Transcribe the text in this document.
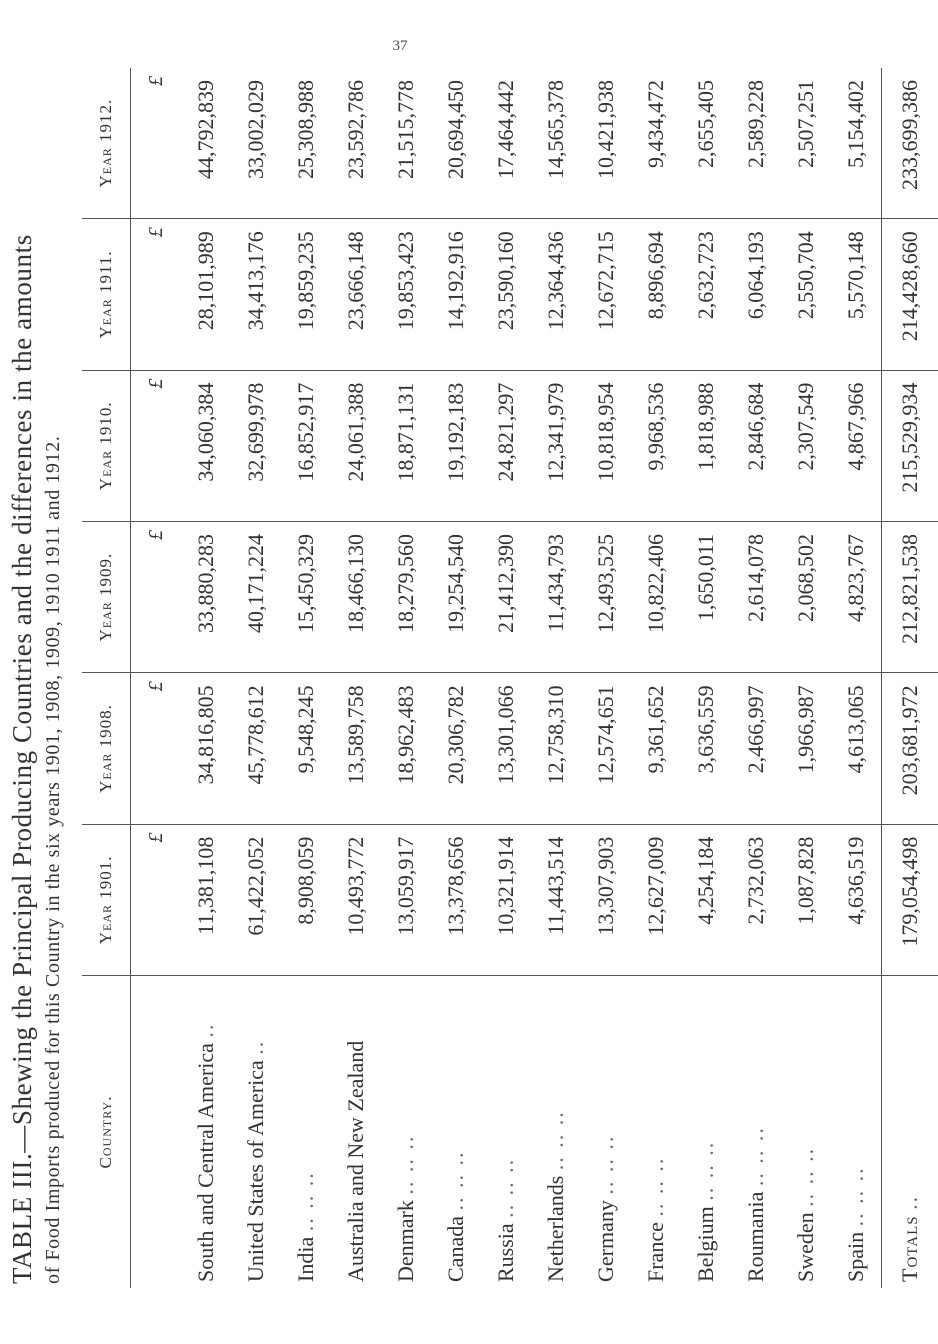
37
TABLE III.—Shewing the Principal Producing Countries and the differences in the amounts of Food Imports produced for this Country in the six years 1901, 1908, 1909, 1910 1911 and 1912. Country.	Year 1901.	Year 1908.	Year 1909.	Year 1910.	Year 1911.	Year 1912.
	£	£	£	£	£	£
South and Central America ..	11,381,108	34,816,805	33,880,283	34,060,384	28,101,989	44,792,839
United States of America ..	61,422,052	45,778,612	40,171,224	32,699,978	34,413,176	33,002,029
India .. .. ..	8,908,059	9,548,245	15,450,329	16,852,917	19,859,235	25,308,988
Australia and New Zealand	10,493,772	13,589,758	18,466,130	24,061,388	23,666,148	23,592,786
Denmark .. .. ..	13,059,917	18,962,483	18,279,560	18,871,131	19,853,423	21,515,778
Canada .. .. ..	13,378,656	20,306,782	19,254,540	19,192,183	14,192,916	20,694,450
Russia .. .. ..	10,321,914	13,301,066	21,412,390	24,821,297	23,590,160	17,464,442
Netherlands .. .. ..	11,443,514	12,758,310	11,434,793	12,341,979	12,364,436	14,565,378
Germany .. .. ..	13,307,903	12,574,651	12,493,525	10,818,954	12,672,715	10,421,938
France .. .. ..	12,627,009	9,361,652	10,822,406	9,968,536	8,896,694	9,434,472
Belgium .. .. ..	4,254,184	3,636,559	1,650,011	1,818,988	2,632,723	2,655,405
Roumania .. .. ..	2,732,063	2,466,997	2,614,078	2,846,684	6,064,193	2,589,228
Sweden .. .. ..	1,087,828	1,966,987	2,068,502	2,307,549	2,550,704	2,507,251
Spain .. .. ..	4,636,519	4,613,065	4,823,767	4,867,966	5,570,148	5,154,402
Totals ..	179,054,498	203,681,972	212,821,538	215,529,934	214,428,660	233,699,386
